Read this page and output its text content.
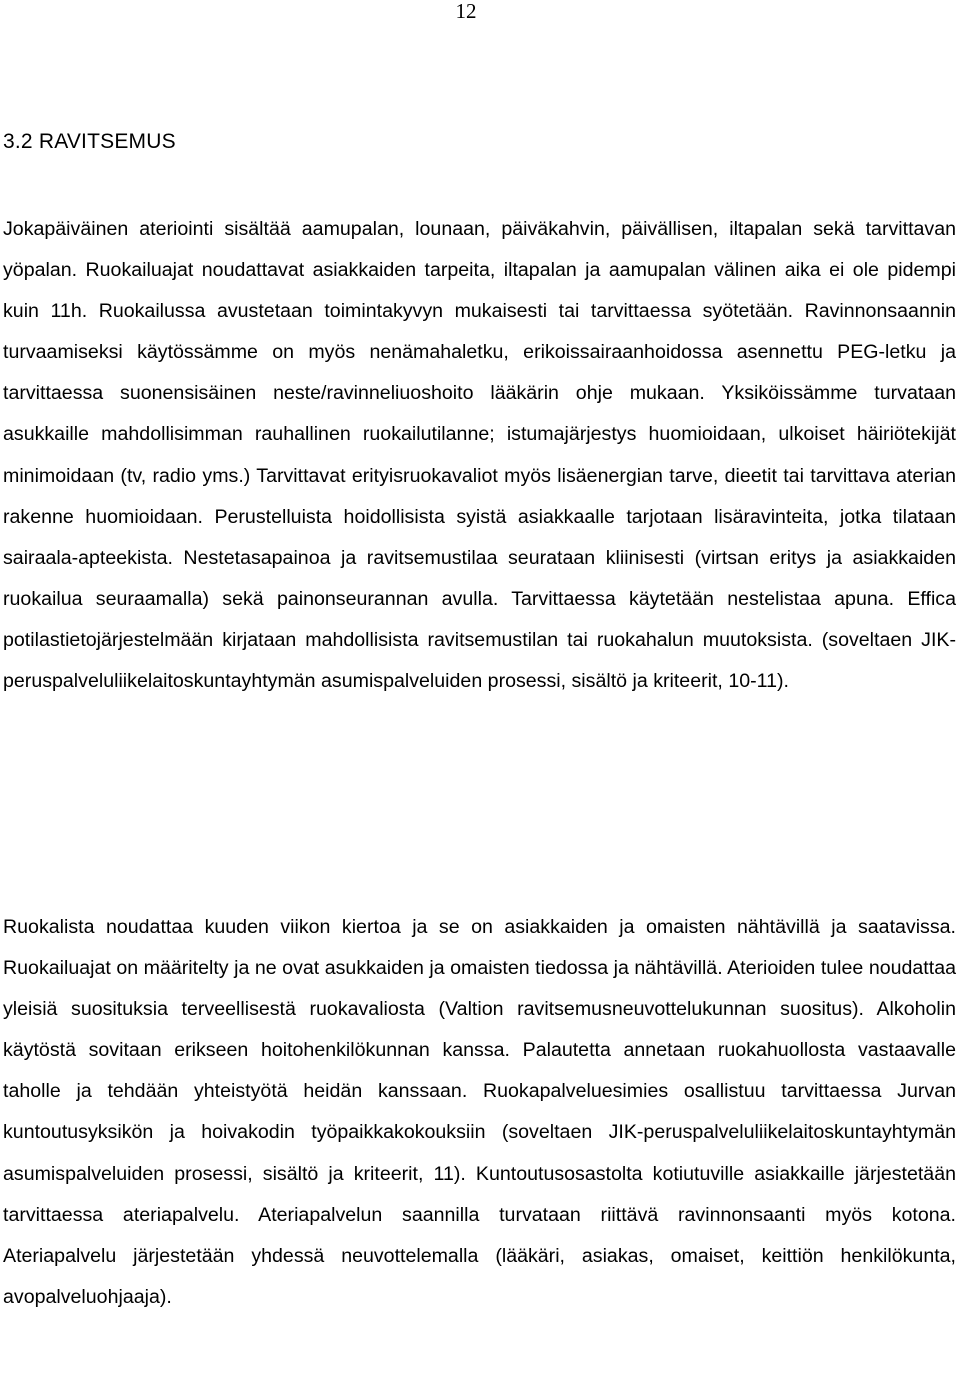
12
3.2 RAVITSEMUS

Jokapäiväinen ateriointi sisältää aamupalan, lounaan, päiväkahvin, päivällisen, iltapalan sekä tarvittavan yöpalan. Ruokailuajat noudattavat asiakkaiden tarpeita, iltapalan ja aamupalan välinen aika ei ole pidempi kuin 11h. Ruokailussa avustetaan toimintakyvyn mukaisesti tai tarvittaessa syötetään. Ravinnonsaannin turvaamiseksi käytössämme on myös nenämahaletku, erikoissairaanhoidossa asennettu PEG-letku ja tarvittaessa suonensisäinen neste/ravinneliuoshoito lääkärin ohje mukaan. Yksiköissämme turvataan asukkaille mahdollisimman rauhallinen ruokailutilanne; istumajärjestys huomioidaan, ulkoiset häiriötekijät minimoidaan (tv, radio yms.) Tarvittavat erityisruokavaliot myös lisäenergian tarve, dieetit tai tarvittava aterian rakenne huomioidaan. Perustelluista hoidollisista syistä asiakkaalle tarjotaan lisäravinteita, jotka tilataan sairaala-apteekista. Nestetasapainoa ja ravitsemustilaa seurataan kliinisesti (virtsan eritys ja asiakkaiden ruokailua seuraamalla) sekä painonseurannan avulla. Tarvittaessa käytetään nestelistaa apuna. Effica potilastietojärjestelmään kirjataan mahdollisista ravitsemustilan tai ruokahalun muutoksista. (soveltaen JIK-peruspalveluliikelaitoskuntayhtymän asumispalveluiden prosessi, sisältö ja kriteerit, 10-11).

Ruokalista noudattaa kuuden viikon kiertoa ja se on asiakkaiden ja omaisten nähtävillä ja saatavissa. Ruokailuajat on määritelty ja ne ovat asukkaiden ja omaisten tiedossa ja nähtävillä. Aterioiden tulee noudattaa yleisiä suosituksia terveellisestä ruokavaliosta (Valtion ravitsemusneuvottelukunnan suositus). Alkoholin käytöstä sovitaan erikseen hoitohenkilökunnan kanssa. Palautetta annetaan ruokahuollosta vastaavalle taholle ja tehdään yhteistyötä heidän kanssaan. Ruokapalveluesimies osallistuu tarvittaessa Jurvan kuntoutusyksikön ja hoivakodin työpaikkakokouksiin (soveltaen JIK-peruspalveluliikelaitoskuntayhtymän asumispalveluiden prosessi, sisältö ja kriteerit, 11). Kuntoutusosastolta kotiutuville asiakkaille järjestetään tarvittaessa ateriapalvelu. Ateriapalvelun saannilla turvataan riittävä ravinnonsaanti myös kotona. Ateriapalvelu järjestetään yhdessä neuvottelemalla (lääkäri, asiakas, omaiset, keittiön henkilökunta, avopalveluohjaaja).
